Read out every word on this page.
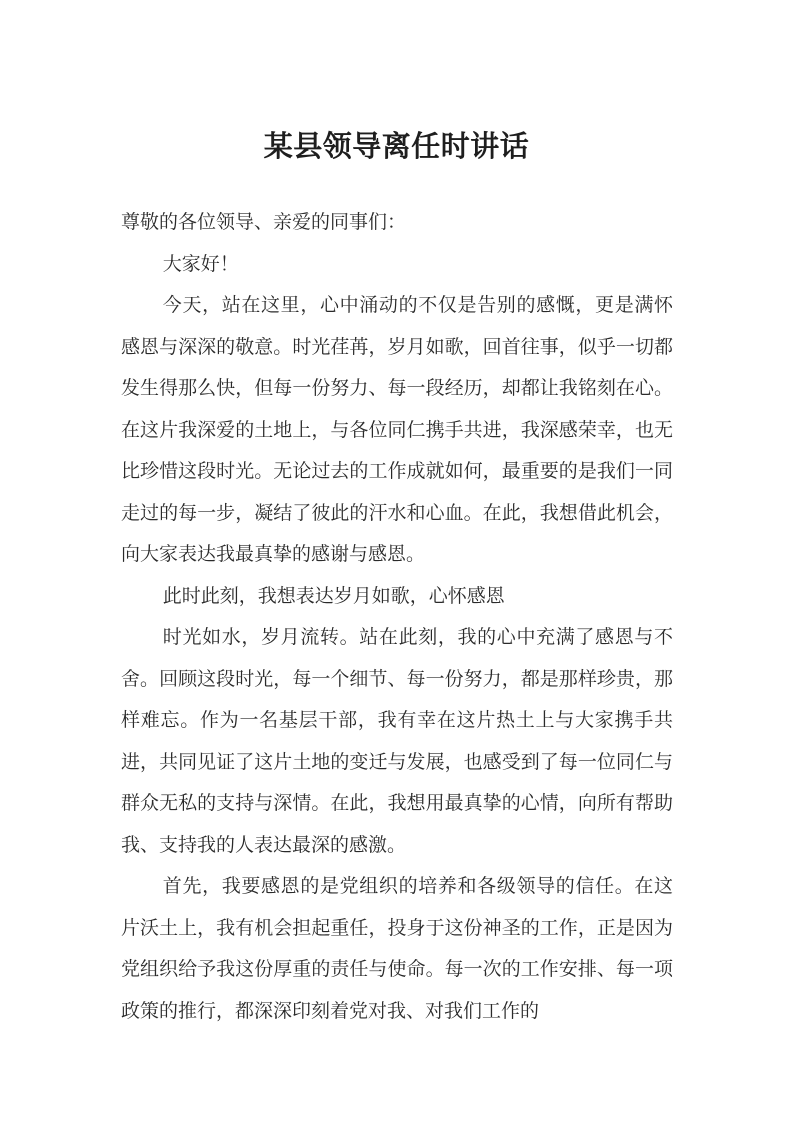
某县领导离任时讲话

尊敬的各位领导、亲爱的同事们：

大家好！

今天，站在这里，心中涌动的不仅是告别的感慨，更是满怀感恩与深深的敬意。时光荏苒，岁月如歌，回首往事，似乎一切都发生得那么快，但每一份努力、每一段经历，却都让我铭刻在心。在这片我深爱的土地上，与各位同仁携手共进，我深感荣幸，也无比珍惜这段时光。无论过去的工作成就如何，最重要的是我们一同走过的每一步，凝结了彼此的汗水和心血。在此，我想借此机会，向大家表达我最真挚的感谢与感恩。

此时此刻，我想表达岁月如歌，心怀感恩

时光如水，岁月流转。站在此刻，我的心中充满了感恩与不舍。回顾这段时光，每一个细节、每一份努力，都是那样珍贵，那样难忘。作为一名基层干部，我有幸在这片热土上与大家携手共进，共同见证了这片土地的变迁与发展，也感受到了每一位同仁与群众无私的支持与深情。在此，我想用最真挚的心情，向所有帮助我、支持我的人表达最深的感激。

首先，我要感恩的是党组织的培养和各级领导的信任。在这片沃土上，我有机会担起重任，投身于这份神圣的工作，正是因为党组织给予我这份厚重的责任与使命。每一次的工作安排、每一项政策的推行，都深深印刻着党对我、对我们工作的
